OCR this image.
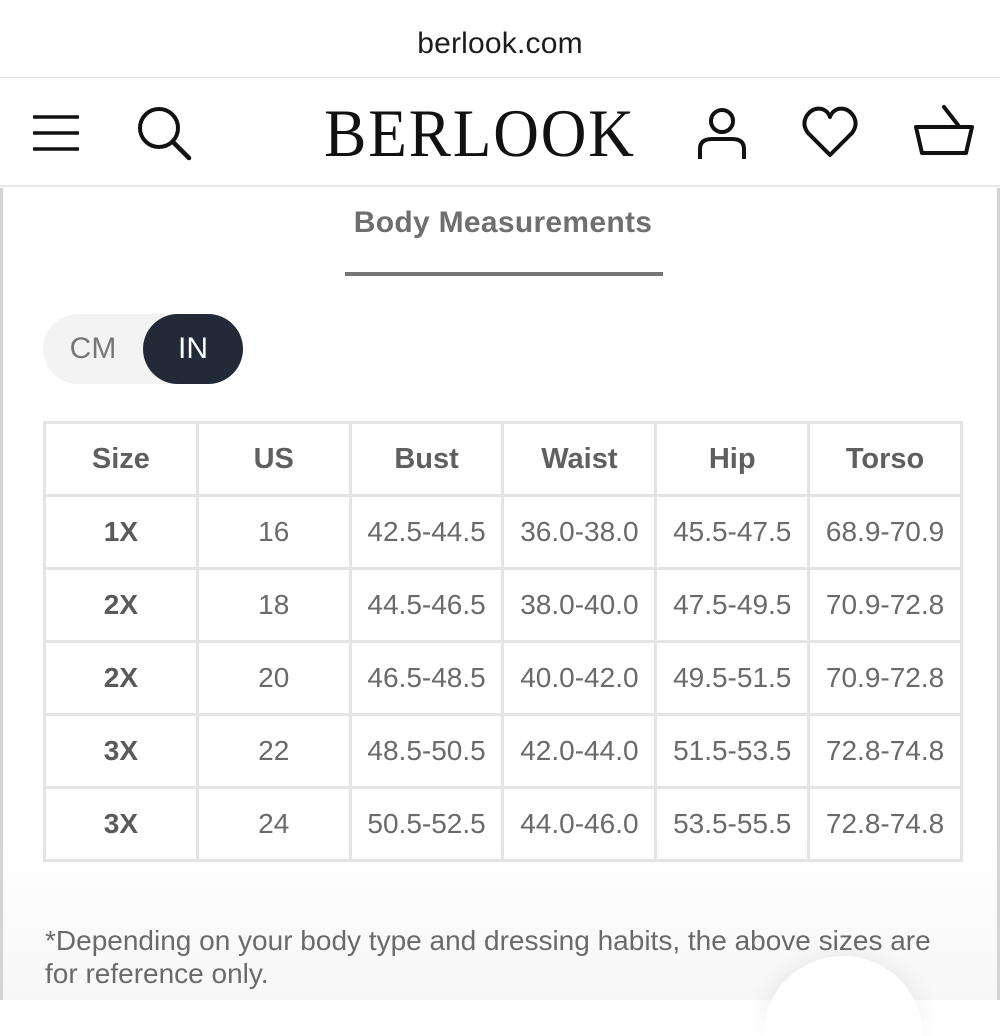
berlook.com
BERLOOK
Body Measurements
CM	IN
Size	US	Bust	Waist	Hip	Torso
1X	16	42.5-44.5	36.0-38.0	45.5-47.5	68.9-70.9
2X	18	44.5-46.5	38.0-40.0	47.5-49.5	70.9-72.8
2X	20	46.5-48.5	40.0-42.0	49.5-51.5	70.9-72.8
3X	22	48.5-50.5	42.0-44.0	51.5-53.5	72.8-74.8
3X	24	50.5-52.5	44.0-46.0	53.5-55.5	72.8-74.8
*Depending on your body type and dressing habits, the above sizes are for reference only.
